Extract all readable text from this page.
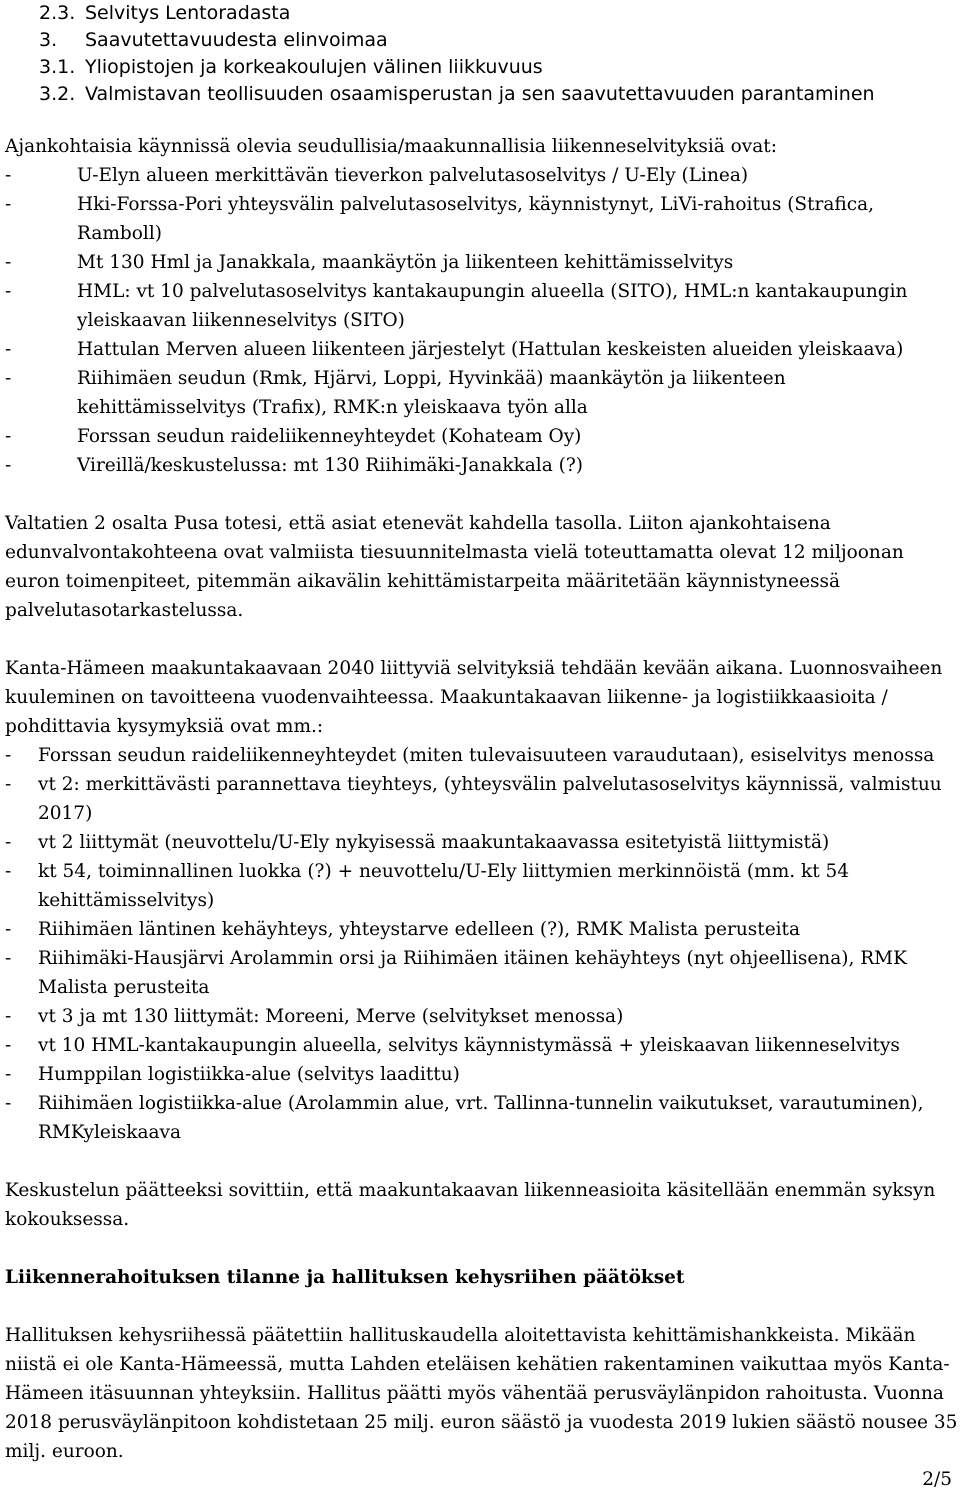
2.3. Selvitys Lentoradasta
3. Saavutettavuudesta elinvoimaa
3.1. Yliopistojen ja korkeakoulujen välinen liikkuvuus
3.2. Valmistavan teollisuuden osaamisperustan ja sen saavutettavuuden parantaminen

Ajankohtaisia käynnissä olevia seudullisia/maakunnallisia liikenneselvityksiä ovat:

-	U-Elyn alueen merkittävän tieverkon palvelutasoselvitys / U-Ely (Linea)
-	Hki-Forssa-Pori yhteysvälin palvelutasoselvitys, käynnistynyt, LiVi-rahoitus (Strafica, Ramboll)
-	Mt 130 Hml ja Janakkala, maankäytön ja liikenteen kehittämisselvitys
-	HML: vt 10 palvelutasoselvitys kantakaupungin alueella (SITO), HML:n kantakaupungin yleiskaavan liikenneselvitys (SITO)
-	Hattulan Merven alueen liikenteen järjestelyt (Hattulan keskeisten alueiden yleiskaava)
-	Riihimäen seudun (Rmk, Hjärvi, Loppi, Hyvinkää) maankäytön ja liikenteen kehittämisselvitys (Trafix), RMK:n yleiskaava työn alla
-	Forssan seudun raideliikenneyhteydet (Kohateam Oy)
-	Vireillä/keskustelussa: mt 130 Riihimäki-Janakkala (?)

Valtatien 2 osalta Pusa totesi, että asiat etenevät kahdella tasolla. Liiton ajankohtaisena edunvalvontakohteena ovat valmiista tiesuunnitelmasta vielä toteuttamatta olevat 12 miljoonan euron toimenpiteet, pitemmän aikavälin kehittämistarpeita määritetään käynnistyneessä palvelutasotarkastelussa.

Kanta-Hämeen maakuntakaavaan 2040 liittyviä selvityksiä tehdään kevään aikana. Luonnosvaiheen kuuleminen on tavoitteena vuodenvaihteessa. Maakuntakaavan liikenne- ja logistiikkaasioita / pohdittavia kysymyksiä ovat mm.:

- Forssan seudun raideliikenneyhteydet (miten tulevaisuuteen varaudutaan), esiselvitys menossa
- vt 2: merkittävästi parannettava tieyhteys, (yhteysvälin palvelutasoselvitys käynnissä, valmistuu 2017)
- vt 2 liittymät (neuvottelu/U-Ely nykyisessä maakuntakaavassa esitetyistä liittymistä)
- kt 54, toiminnallinen luokka (?) + neuvottelu/U-Ely liittymien merkinnöistä (mm. kt 54 kehittämisselvitys)
- Riihimäen läntinen kehäyhteys, yhteystarve edelleen (?), RMK Malista perusteita
- Riihimäki-Hausjärvi Arolammin orsi ja Riihimäen itäinen kehäyhteys (nyt ohjeellisena), RMK Malista perusteita
- vt 3 ja mt 130 liittymät: Moreeni, Merve (selvitykset menossa)
- vt 10 HML-kantakaupungin alueella, selvitys käynnistymässä + yleiskaavan liikenneselvitys
- Humppilan logistiikka-alue (selvitys laadittu)
- Riihimäen logistiikka-alue (Arolammin alue, vrt. Tallinna-tunnelin vaikutukset, varautuminen), RMKyleiskaava

Keskustelun päätteeksi sovittiin, että maakuntakaavan liikenneasioita käsitellään enemmän syksyn kokouksessa.

Liikennerahoituksen tilanne ja hallituksen kehysriihen päätökset

Hallituksen kehysriihessä päätettiin hallituskaudella aloitettavista kehittämishankkeista. Mikään niistä ei ole Kanta-Hämeessä, mutta Lahden eteläisen kehätien rakentaminen vaikuttaa myös Kanta-Hämeen itäsuunnan yhteyksiin. Hallitus päätti myös vähentää perusväylänpidon rahoitusta. Vuonna 2018 perusväylänpitoon kohdistetaan 25 milj. euron säästö ja vuodesta 2019 lukien säästö nousee 35 milj. euroon.

2/5
